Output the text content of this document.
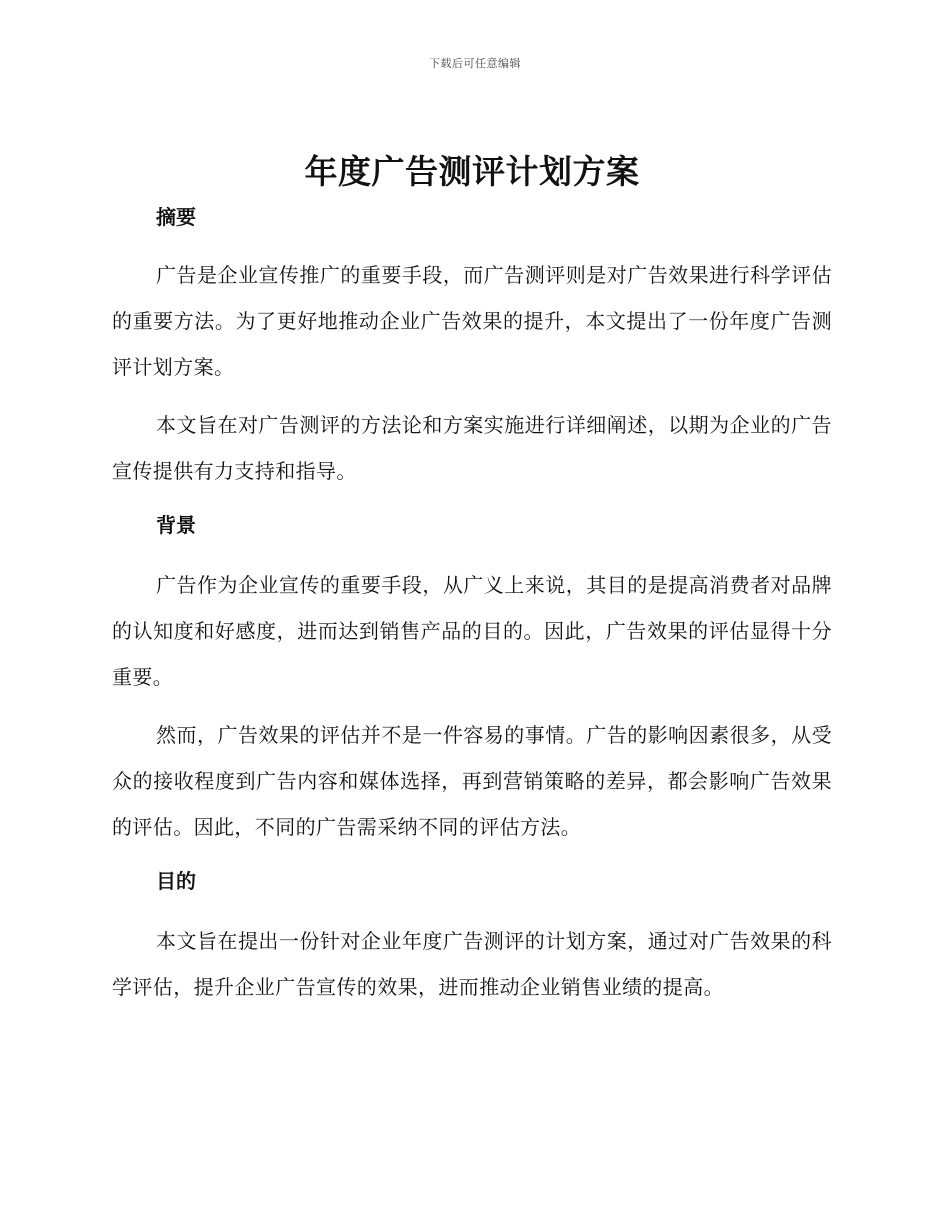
下载后可任意编辑
年度广告测评计划方案
摘要

广告是企业宣传推广的重要手段，而广告测评则是对广告效果进行科学评估的重要方法。为了更好地推动企业广告效果的提升，本文提出了一份年度广告测评计划方案。

本文旨在对广告测评的方法论和方案实施进行详细阐述，以期为企业的广告宣传提供有力支持和指导。

背景

广告作为企业宣传的重要手段，从广义上来说，其目的是提高消费者对品牌的认知度和好感度，进而达到销售产品的目的。因此，广告效果的评估显得十分重要。

然而，广告效果的评估并不是一件容易的事情。广告的影响因素很多，从受众的接收程度到广告内容和媒体选择，再到营销策略的差异，都会影响广告效果的评估。因此，不同的广告需采纳不同的评估方法。

目的

本文旨在提出一份针对企业年度广告测评的计划方案，通过对广告效果的科学评估，提升企业广告宣传的效果，进而推动企业销售业绩的提高。
